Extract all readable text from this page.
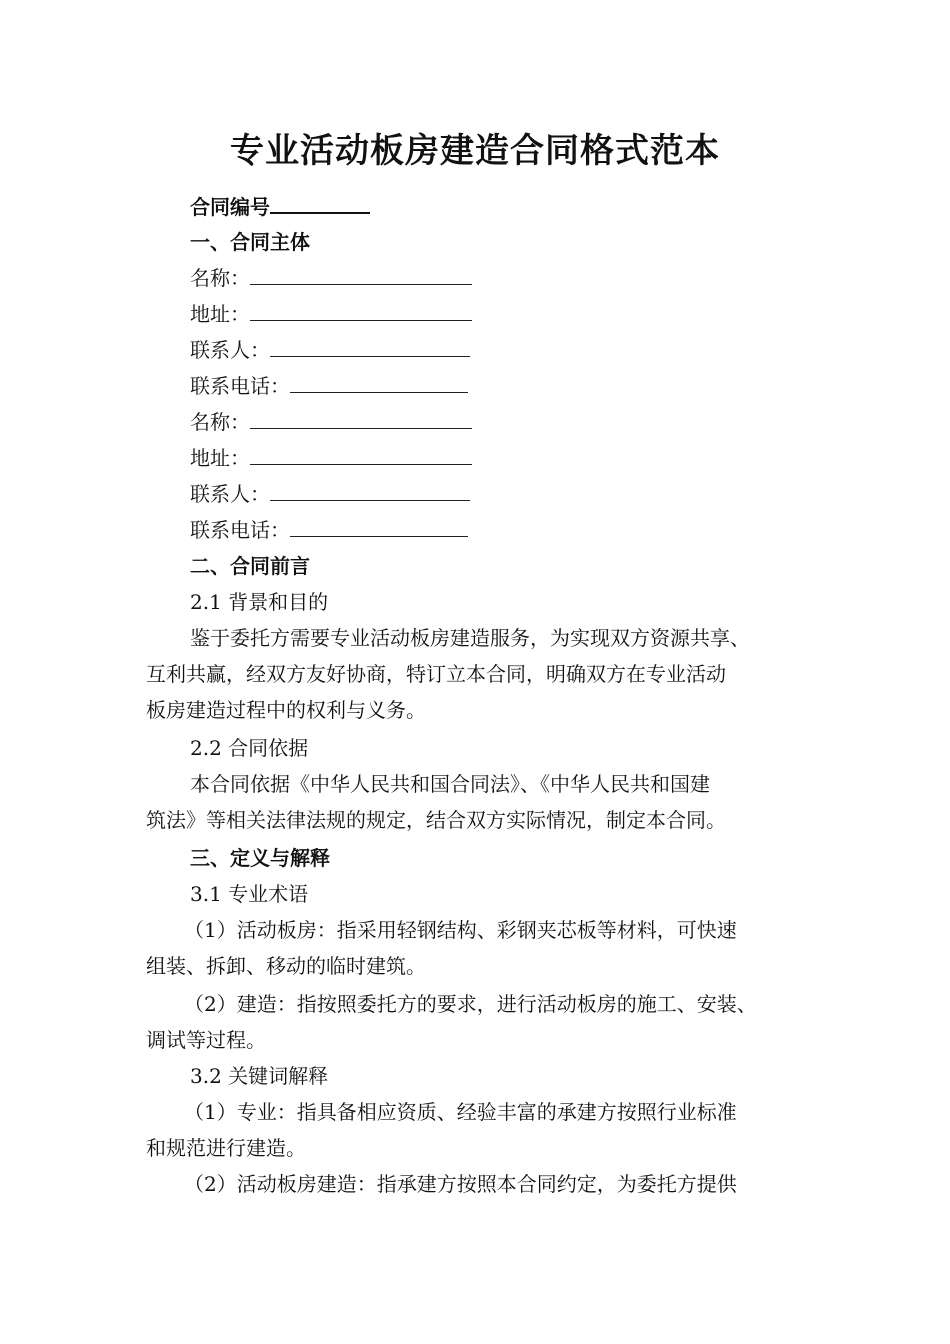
专业活动板房建造合同格式范本
合同编号
一、合同主体
名称：
地址：
联系人：
联系电话：
名称：
地址：
联系人：
联系电话：
二、合同前言
2.1 背景和目的
鉴于委托方需要专业活动板房建造服务，为实现双方资源共享、
互利共赢，经双方友好协商，特订立本合同，明确双方在专业活动
板房建造过程中的权利与义务。
2.2 合同依据
本合同依据《中华人民共和国合同法》、《中华人民共和国建
筑法》等相关法律法规的规定，结合双方实际情况，制定本合同。
三、定义与解释
3.1 专业术语
（1）活动板房：指采用轻钢结构、彩钢夹芯板等材料，可快速
组装、拆卸、移动的临时建筑。
（2）建造：指按照委托方的要求，进行活动板房的施工、安装、
调试等过程。
3.2 关键词解释
（1）专业：指具备相应资质、经验丰富的承建方按照行业标准
和规范进行建造。
（2）活动板房建造：指承建方按照本合同约定，为委托方提供
